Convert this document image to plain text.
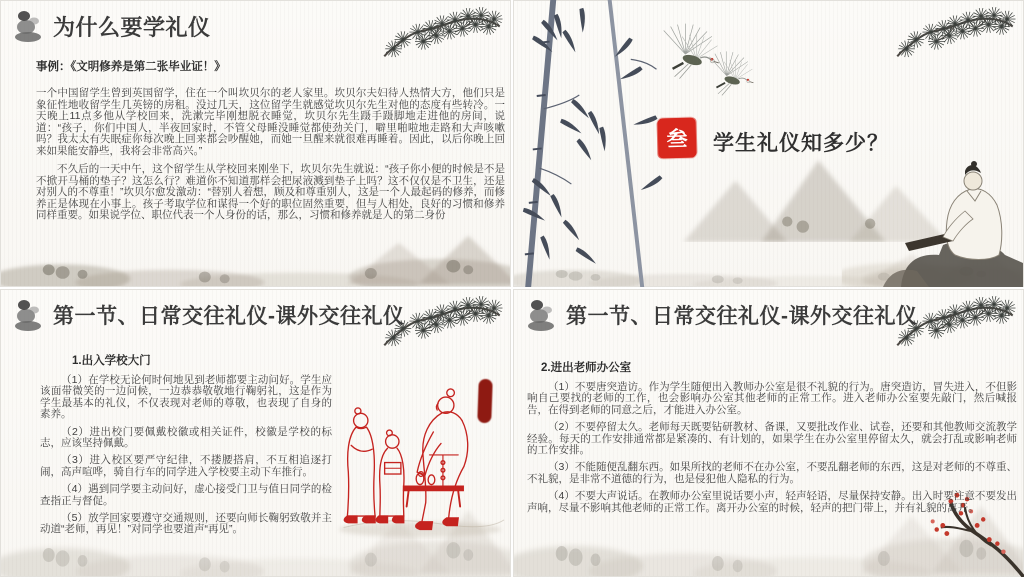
为什么要学礼仪

事例：《文明修养是第二张毕业证！》

一个中国留学生曾到英国留学，住在一个叫坎贝尔的老人家里。坎贝尔夫妇待人热情大方，他们只是象征性地收留学生几英镑的房租。没过几天，这位留学生就感觉坎贝尔先生对他的态度有些转冷。一天晚上11点多他从学校回来，洗漱完毕刚想脱衣睡觉，坎贝尔先生蹑手蹑脚地走进他的房间，说道：“孩子，你们中国人，半夜回家时，不管父母睡没睡觉都使劲关门，噼里啪啦地走路和大声咳嗽吗？我太太有失眠症你每次晚上回来都会吵醒她，而她一旦醒来就很难再睡着。因此，以后你晚上回来如果能安静些，我将会非常高兴。”

不久后的一天中午，这个留学生从学校回来刚坐下，坎贝尔先生就说：“孩子你小便的时候是不是不掀开马桶的垫子？这怎么行？难道你不知道那样会把尿液溅到垫子上吗？这不仅仅是不卫生，还是对别人的不尊重！”坎贝尔愈发激动：“替别人着想，顾及和尊重别人，这是一个人最起码的修养，而修养正是体现在小事上。孩子考取学位和谋得一个好的职位固然重要，但与人相处，良好的习惯和修养同样重要。如果说学位、职位代表一个人身份的话，那么，习惯和修养就是人的第二身份

叁 学生礼仪知多少？
第一节、日常交往礼仪-课外交往礼仪

1.出入学校大门

（1）在学校无论何时何地见到老师都要主动问好。学生应该面带微笑的一边问候，一边恭恭敬敬地行鞠躬礼，这是作为学生最基本的礼仪，不仅表现对老师的尊敬，也表现了自身的素养。

（2）进出校门要佩戴校徽或相关证件，校徽是学校的标志，应该坚持佩戴。

（3）进入校区要严守纪律，不搂腰搭肩，不互相追逐打闹，高声喧哗，骑自行车的同学进入学校要主动下车推行。

（4）遇到同学要主动问好，虚心接受门卫与值日同学的检查指正与督促。

（5）放学回家要遵守交通规则，还要向师长鞠躬致敬并主动道“老师，再见！”对同学也要道声“再见”。

第一节、日常交往礼仪-课外交往礼仪

2.进出老师办公室

（1）不要唐突造访。作为学生随便出入教师办公室是很不礼貌的行为。唐突造访，冒失进入，不但影响自己要找的老师的工作，也会影响办公室其他老师的正常工作。进入老师办公室要先敲门，然后喊报告，在得到老师的同意之后，才能进入办公室。

（2）不要停留太久。老师每天既要钻研教材、备课，又要批改作业、试卷，还要和其他教师交流教学经验。每天的工作安排通常都是紧凑的、有计划的，如果学生在办公室里停留太久，就会打乱或影响老师的工作安排。

（3）不能随便乱翻东西。如果所找的老师不在办公室，不要乱翻老师的东西，这是对老师的不尊重、不礼貌，是非常不道德的行为，也是侵犯他人隐私的行为。

（4）不要大声说话。在教师办公室里说话要小声，轻声轻语，尽量保持安静。出入时要注意不要发出声响，尽量不影响其他老师的正常工作。离开办公室的时候，轻声的把门带上，并有礼貌的离开。
